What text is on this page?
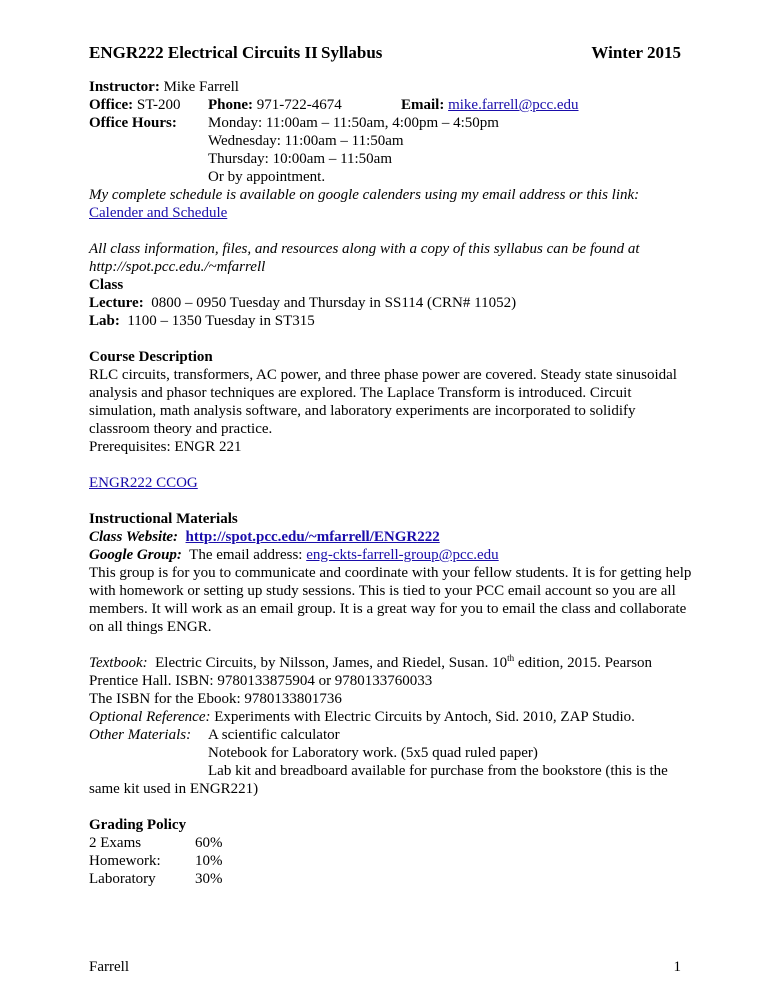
ENGR222 Electrical Circuits II Syllabus	Winter 2015
Instructor: Mike Farrell
Office: ST-200 Phone: 971-722-4674	Email: mike.farrell@pcc.edu
Office Hours: Monday: 11:00am – 11:50am, 4:00pm – 4:50pm
Wednesday: 11:00am – 11:50am
Thursday: 10:00am – 11:50am
Or by appointment.
My complete schedule is available on google calenders using my email address or this link:
Calender and Schedule
All class information, files, and resources along with a copy of this syllabus can be found at
http://spot.pcc.edu./~mfarrell
Class
Lecture: 0800 – 0950 Tuesday and Thursday in SS114 (CRN# 11052)
Lab: 1100 – 1350 Tuesday in ST315
Course Description
RLC circuits, transformers, AC power, and three phase power are covered. Steady state sinusoidal
analysis and phasor techniques are explored. The Laplace Transform is introduced. Circuit
simulation, math analysis software, and laboratory experiments are incorporated to solidify
classroom theory and practice.
Prerequisites: ENGR 221
ENGR222 CCOG
Instructional Materials
Class Website: http://spot.pcc.edu/~mfarrell/ENGR222
Google Group: The email address: eng-ckts-farrell-group@pcc.edu
This group is for you to communicate and coordinate with your fellow students. It is for getting help
with homework or setting up study sessions. This is tied to your PCC email account so you are all
members. It will work as an email group. It is a great way for you to email the class and collaborate
on all things ENGR.
Textbook: Electric Circuits, by Nilsson, James, and Riedel, Susan. 10th edition, 2015. Pearson
Prentice Hall. ISBN: 9780133875904 or 9780133760033
The ISBN for the Ebook: 9780133801736
Optional Reference: Experiments with Electric Circuits by Antoch, Sid. 2010, ZAP Studio.
Other Materials: A scientific calculator
Notebook for Laboratory work. (5x5 quad ruled paper)
Lab kit and breadboard available for purchase from the bookstore (this is the
same kit used in ENGR221)
Grading Policy
2 Exams	60%
Homework: 10%
Laboratory	30%
Farrell	1
